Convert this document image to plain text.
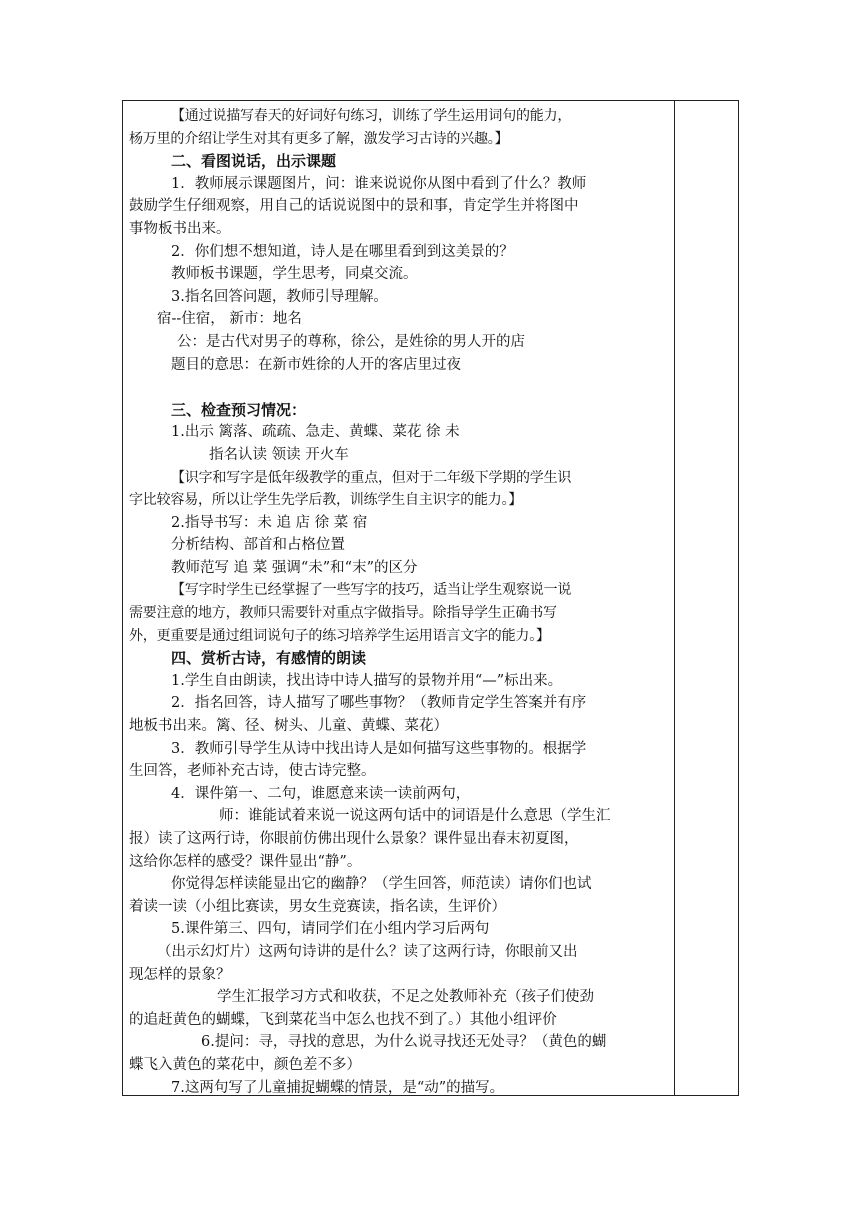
【通过说描写春天的好词好句练习，训练了学生运用词句的能力，

杨万里的介绍让学生对其有更多了解，激发学习古诗的兴趣。】

二、看图说话，出示课题

1．教师展示课题图片，问：谁来说说你从图中看到了什么？教师

鼓励学生仔细观察，用自己的话说说图中的景和事，肯定学生并将图中

事物板书出来。

2．你们想不想知道，诗人是在哪里看到到这美景的？

教师板书课题，学生思考，同桌交流。

3.指名回答问题，教师引导理解。

宿--住宿， 新市：地名

公：是古代对男子的尊称，徐公，是姓徐的男人开的店

题目的意思：在新市姓徐的人开的客店里过夜

三、检查预习情况：

1.出示 篱落、疏疏、急走、黄蝶、菜花 徐 未

指名认读 领读 开火车

【识字和写字是低年级教学的重点，但对于二年级下学期的学生识

字比较容易，所以让学生先学后教，训练学生自主识字的能力。】

2.指导书写：未 追 店 徐 菜 宿

分析结构、部首和占格位置

教师范写 追 菜 强调“未”和“末”的区分

【写字时学生已经掌握了一些写字的技巧，适当让学生观察说一说

需要注意的地方，教师只需要针对重点字做指导。除指导学生正确书写

外，更重要是通过组词说句子的练习培养学生运用语言文字的能力。】

四、赏析古诗，有感情的朗读

1.学生自由朗读，找出诗中诗人描写的景物并用“—”标出来。

2．指名回答，诗人描写了哪些事物？（教师肯定学生答案并有序

地板书出来。篱、径、树头、儿童、黄蝶、菜花）

3．教师引导学生从诗中找出诗人是如何描写这些事物的。根据学

生回答，老师补充古诗，使古诗完整。

4．课件第一、二句，谁愿意来读一读前两句，

师：谁能试着来说一说这两句话中的词语是什么意思（学生汇

报）读了这两行诗，你眼前仿佛出现什么景象？课件显出春末初夏图，

这给你怎样的感受？课件显出“静”。

你觉得怎样读能显出它的幽静？（学生回答，师范读）请你们也试

着读一读（小组比赛读，男女生竞赛读，指名读，生评价）

5.课件第三、四句，请同学们在小组内学习后两句

（出示幻灯片）这两句诗讲的是什么？读了这两行诗，你眼前又出

现怎样的景象？

学生汇报学习方式和收获，不足之处教师补充（孩子们使劲

的追赶黄色的蝴蝶，飞到菜花当中怎么也找不到了。）其他小组评价

6.提问：寻，寻找的意思，为什么说寻找还无处寻？（黄色的蝴

蝶飞入黄色的菜花中，颜色差不多）

7.这两句写了儿童捕捉蝴蝶的情景，是“动”的描写。
